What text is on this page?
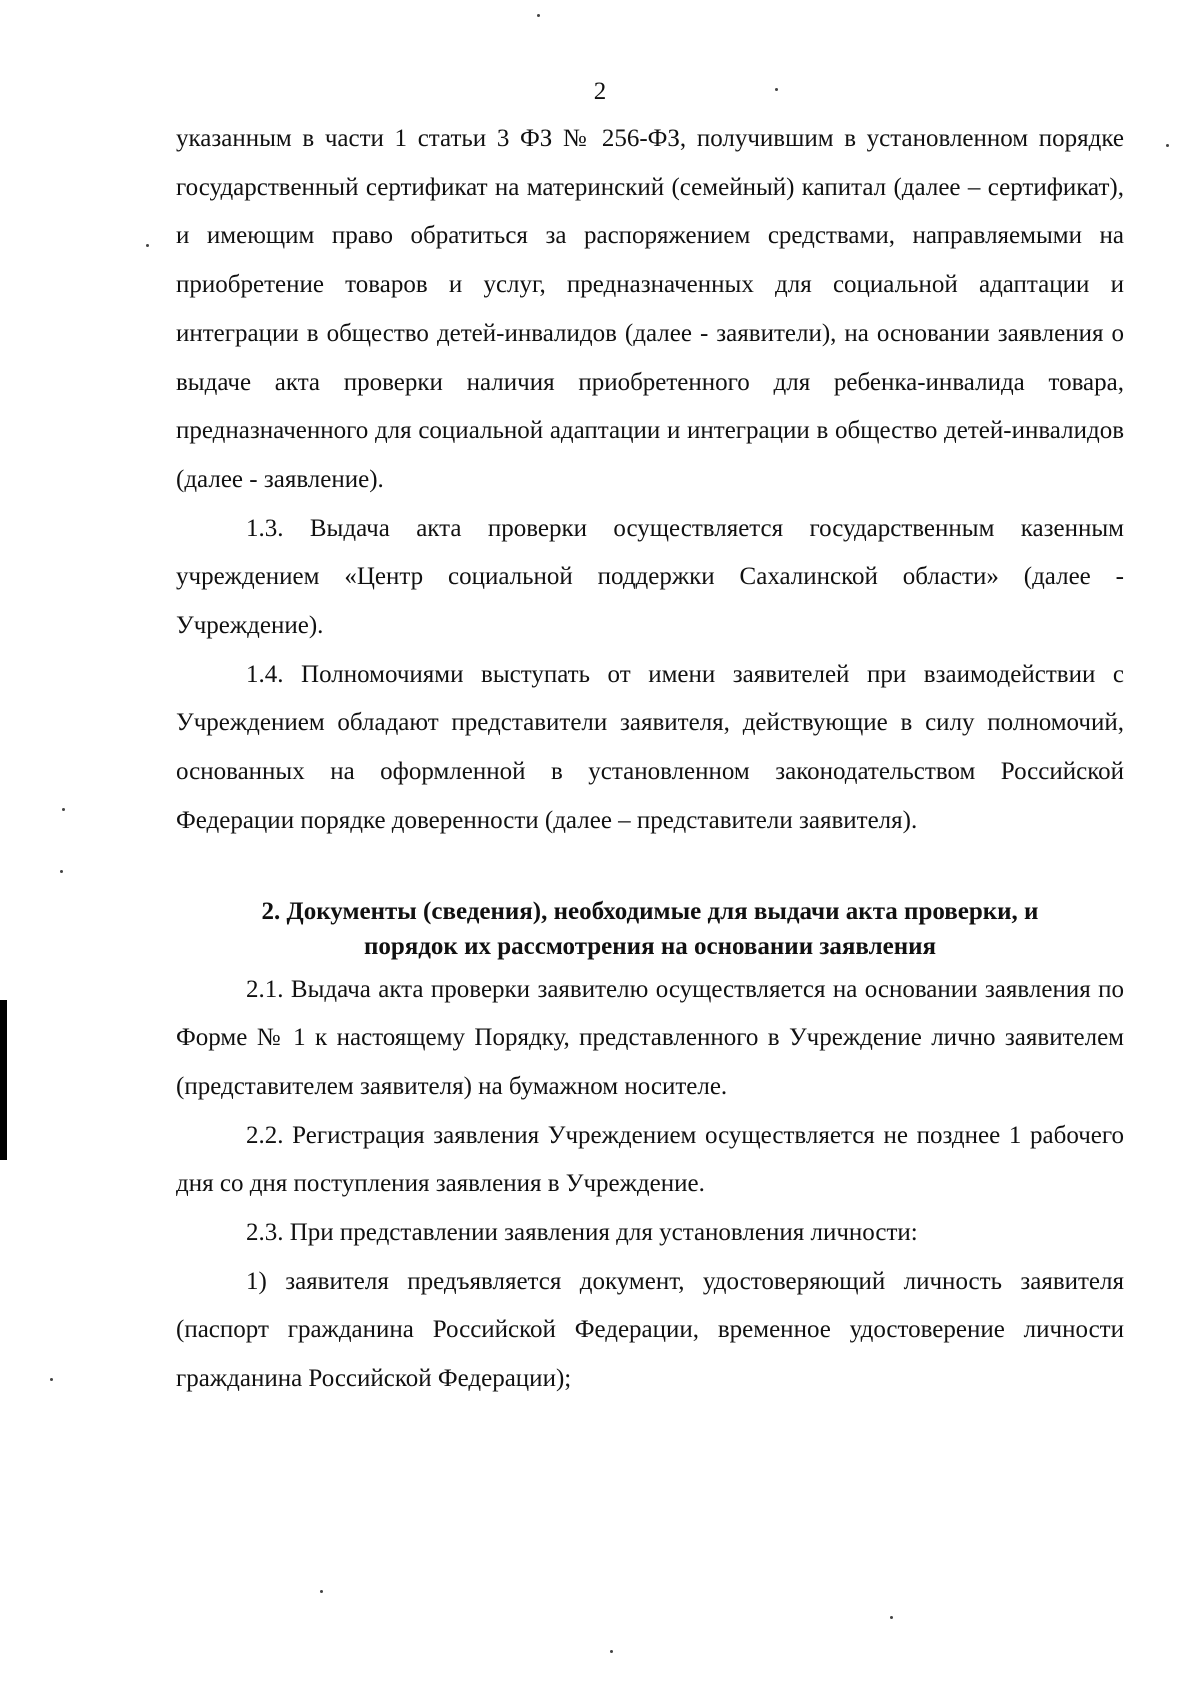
2

указанным в части 1 статьи 3 ФЗ № 256-ФЗ, получившим в установленном порядке государственный сертификат на материнский (семейный) капитал (далее – сертификат), и имеющим право обратиться за распоряжением средствами, направляемыми на приобретение товаров и услуг, предназначенных для социальной адаптации и интеграции в общество детей-инвалидов (далее - заявители), на основании заявления о выдаче акта проверки наличия приобретенного для ребенка-инвалида товара, предназначенного для социальной адаптации и интеграции в общество детей-инвалидов (далее - заявление).

1.3. Выдача акта проверки осуществляется государственным казенным учреждением «Центр социальной поддержки Сахалинской области» (далее - Учреждение).

1.4. Полномочиями выступать от имени заявителей при взаимодействии с Учреждением обладают представители заявителя, действующие в силу полномочий, основанных на оформленной в установленном законодательством Российской Федерации порядке доверенности (далее – представители заявителя).

2. Документы (сведения), необходимые для выдачи акта проверки, и
порядок их рассмотрения на основании заявления

2.1. Выдача акта проверки заявителю осуществляется на основании заявления по Форме № 1 к настоящему Порядку, представленного в Учреждение лично заявителем (представителем заявителя) на бумажном носителе.

2.2. Регистрация заявления Учреждением осуществляется не позднее 1 рабочего дня со дня поступления заявления в Учреждение.

2.3. При представлении заявления для установления личности:

1) заявителя предъявляется документ, удостоверяющий личность заявителя (паспорт гражданина Российской Федерации, временное удостоверение личности гражданина Российской Федерации);
